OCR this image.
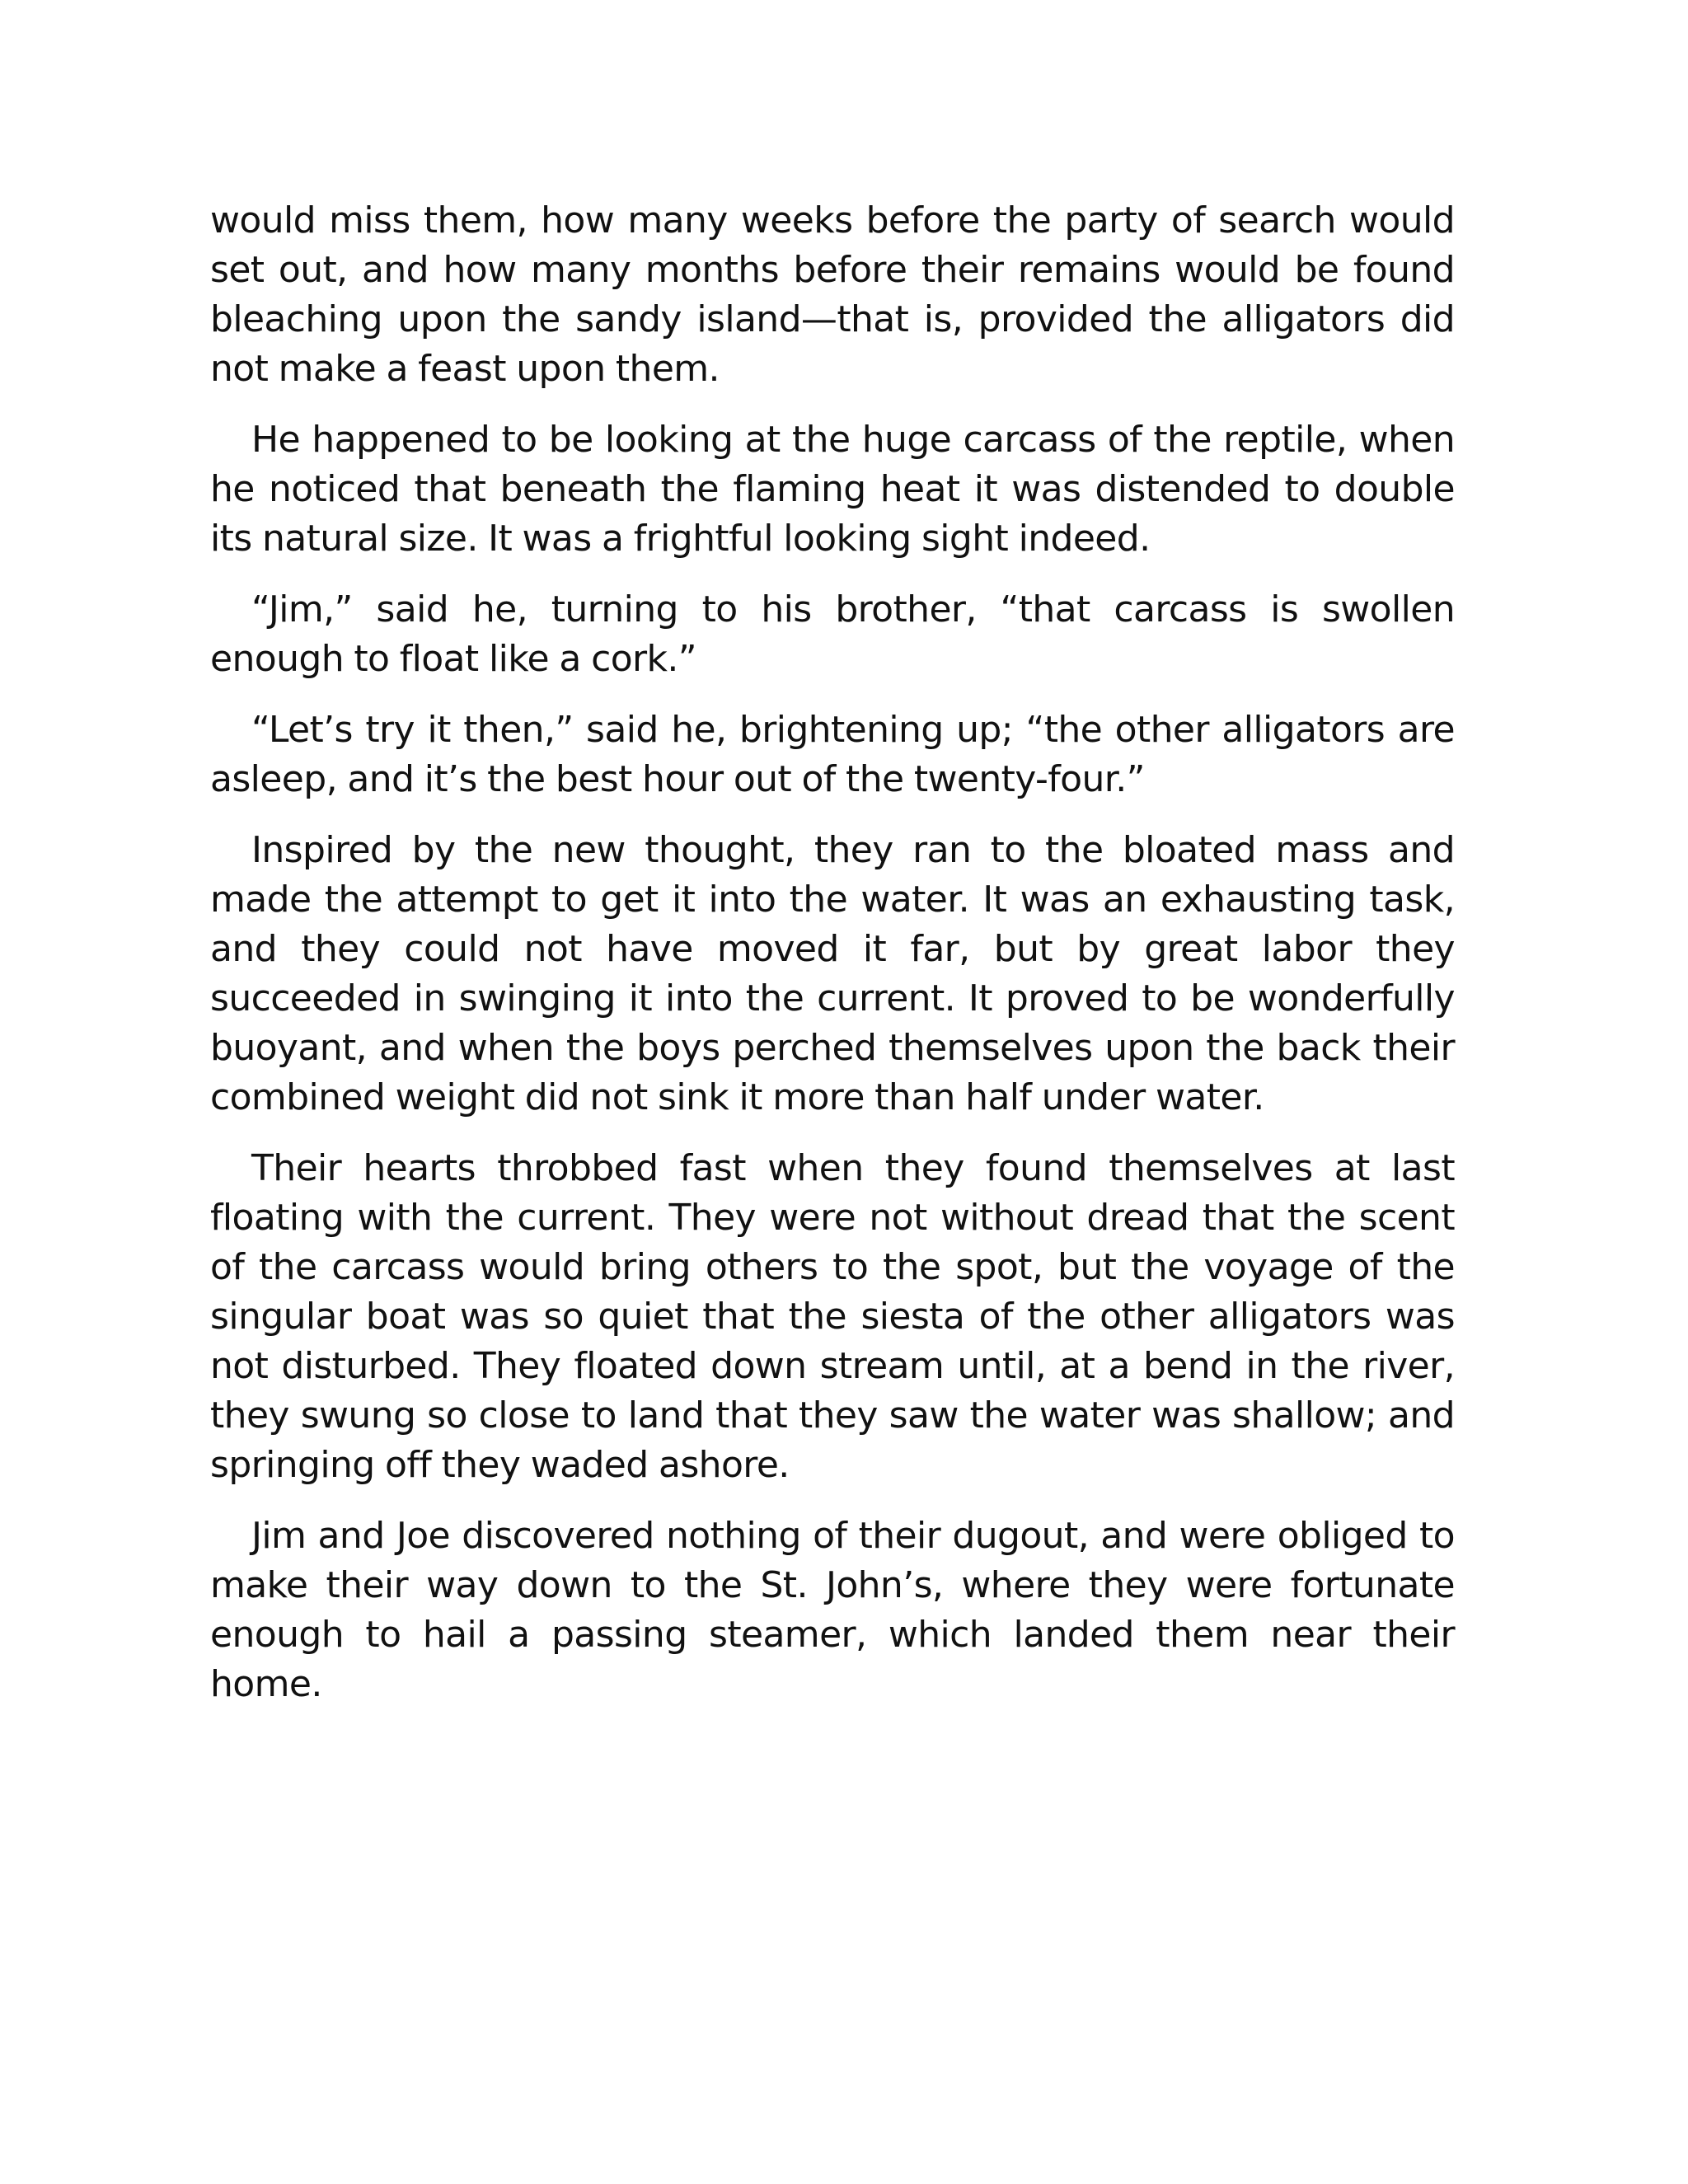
would miss them, how many weeks before the party of search would set out, and how many months before their remains would be found bleaching upon the sandy island—that is, provided the alligators did not make a feast upon them.

He happened to be looking at the huge carcass of the reptile, when he noticed that beneath the flaming heat it was distended to double its natural size. It was a frightful looking sight indeed.

“Jim,” said he, turning to his brother, “that carcass is swollen enough to float like a cork.”

“Let’s try it then,” said he, brightening up; “the other alligators are asleep, and it’s the best hour out of the twenty-four.”

Inspired by the new thought, they ran to the bloated mass and made the attempt to get it into the water. It was an exhausting task, and they could not have moved it far, but by great labor they succeeded in swinging it into the current. It proved to be wonderfully buoyant, and when the boys perched themselves upon the back their combined weight did not sink it more than half under water.

Their hearts throbbed fast when they found themselves at last floating with the current. They were not without dread that the scent of the carcass would bring others to the spot, but the voyage of the singular boat was so quiet that the siesta of the other alligators was not disturbed. They floated down stream until, at a bend in the river, they swung so close to land that they saw the water was shallow; and springing off they waded ashore.

Jim and Joe discovered nothing of their dugout, and were obliged to make their way down to the St. John’s, where they were fortunate enough to hail a passing steamer, which landed them near their home.
